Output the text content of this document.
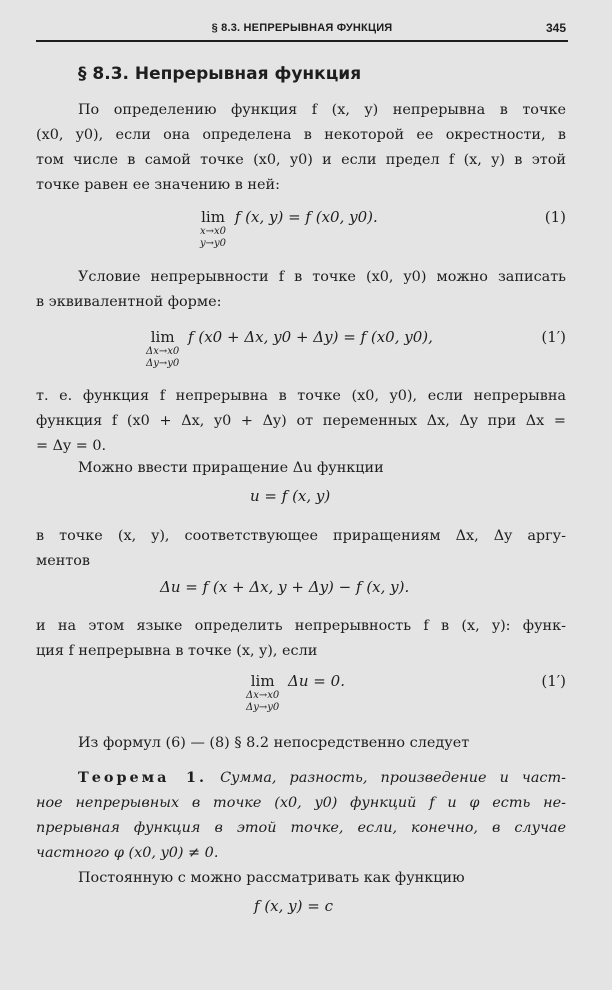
§ 8.3. НЕПРЕРЫВНАЯ ФУНКЦИЯ	345
§ 8.3. Непрерывная функция
По определению функция f (x, y) непрерывна в точке
(x0, y0), если она определена в некоторой ее окрестности, в
том числе в самой точке (x0, y0) и если предел f (x, y) в этой
точке равен ее значению в ней:
lim
x→x0
y→y0
f (x, y) = f (x0, y0).	(1)
Условие непрерывности f в точке (x0, y0) можно записать
в эквивалентной форме:
lim
Δx→x0
Δy→y0
f (x0 + Δx, y0 + Δy) = f (x0, y0),	(1′)
т. е. функция f непрерывна в точке (x0, y0), если непрерывна
функция f (x0 + Δx, y0 + Δy) от переменных Δx, Δy при Δx =
= Δy = 0.
Можно ввести приращение Δu функции
u = f (x, y)
в точке (x, y), соответствующее приращениям Δx, Δy аргу-
ментов
Δu = f (x + Δx, y + Δy) − f (x, y).
и на этом языке определить непрерывность f в (x, y): функ-
ция f непрерывна в точке (x, y), если
lim
Δx→x0
Δy→y0
Δu = 0.	(1′)
Из формул (6) — (8) § 8.2 непосредственно следует
Теорема 1. Сумма, разность, произведение и част-
ное непрерывных в точке (x0, y0) функций f и φ есть не-
прерывная функция в этой точке, если, конечно, в случае
частного φ (x0, y0) ≠ 0.
Постоянную c можно рассматривать как функцию
f (x, y) = c
